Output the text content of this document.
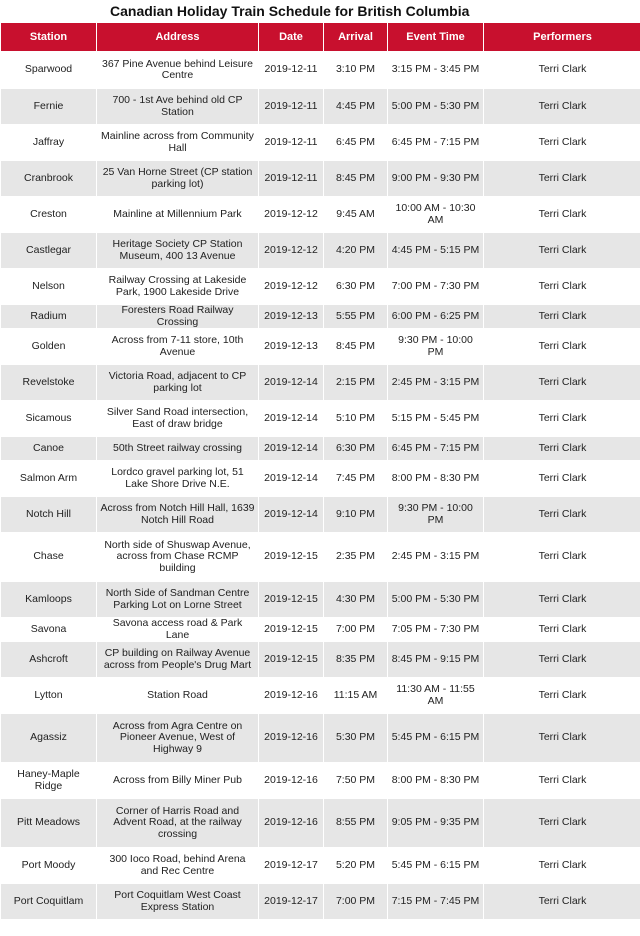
Canadian Holiday Train Schedule for British Columbia
Station	Address	Date	Arrival	Event Time	Performers
Sparwood	367 Pine Avenue behind Leisure Centre	2019-12-11	3:10 PM	3:15 PM - 3:45 PM	Terri Clark
Fernie	700 - 1st Ave behind old CP Station	2019-12-11	4:45 PM	5:00 PM - 5:30 PM	Terri Clark
Jaffray	Mainline across from Community Hall	2019-12-11	6:45 PM	6:45 PM - 7:15 PM	Terri Clark
Cranbrook	25 Van Horne Street (CP station parking lot)	2019-12-11	8:45 PM	9:00 PM - 9:30 PM	Terri Clark
Creston	Mainline at Millennium Park	2019-12-12	9:45 AM	10:00 AM - 10:30 AM	Terri Clark
Castlegar	Heritage Society CP Station Museum, 400 13 Avenue	2019-12-12	4:20 PM	4:45 PM - 5:15 PM	Terri Clark
Nelson	Railway Crossing at Lakeside Park, 1900 Lakeside Drive	2019-12-12	6:30 PM	7:00 PM - 7:30 PM	Terri Clark
Radium	Foresters Road Railway Crossing	2019-12-13	5:55 PM	6:00 PM - 6:25 PM	Terri Clark
Golden	Across from 7-11 store, 10th Avenue	2019-12-13	8:45 PM	9:30 PM - 10:00 PM	Terri Clark
Revelstoke	Victoria Road, adjacent to CP parking lot	2019-12-14	2:15 PM	2:45 PM - 3:15 PM	Terri Clark
Sicamous	Silver Sand Road intersection, East of draw bridge	2019-12-14	5:10 PM	5:15 PM - 5:45 PM	Terri Clark
Canoe	50th Street railway crossing	2019-12-14	6:30 PM	6:45 PM - 7:15 PM	Terri Clark
Salmon Arm	Lordco gravel parking lot, 51 Lake Shore Drive N.E.	2019-12-14	7:45 PM	8:00 PM - 8:30 PM	Terri Clark
Notch Hill	Across from Notch Hill Hall, 1639 Notch Hill Road	2019-12-14	9:10 PM	9:30 PM - 10:00 PM	Terri Clark
Chase	North side of Shuswap Avenue, across from Chase RCMP building	2019-12-15	2:35 PM	2:45 PM - 3:15 PM	Terri Clark
Kamloops	North Side of Sandman Centre Parking Lot on Lorne Street	2019-12-15	4:30 PM	5:00 PM - 5:30 PM	Terri Clark
Savona	Savona access road & Park Lane	2019-12-15	7:00 PM	7:05 PM - 7:30 PM	Terri Clark
Ashcroft	CP building on Railway Avenue across from People's Drug Mart	2019-12-15	8:35 PM	8:45 PM - 9:15 PM	Terri Clark
Lytton	Station Road	2019-12-16	11:15 AM	11:30 AM - 11:55 AM	Terri Clark
Agassiz	Across from Agra Centre on Pioneer Avenue, West of Highway 9	2019-12-16	5:30 PM	5:45 PM - 6:15 PM	Terri Clark
Haney-Maple Ridge	Across from Billy Miner Pub	2019-12-16	7:50 PM	8:00 PM - 8:30 PM	Terri Clark
Pitt Meadows	Corner of Harris Road and Advent Road, at the railway crossing	2019-12-16	8:55 PM	9:05 PM - 9:35 PM	Terri Clark
Port Moody	300 Ioco Road, behind Arena and Rec Centre	2019-12-17	5:20 PM	5:45 PM - 6:15 PM	Terri Clark
Port Coquitlam	Port Coquitlam West Coast Express Station	2019-12-17	7:00 PM	7:15 PM - 7:45 PM	Terri Clark
